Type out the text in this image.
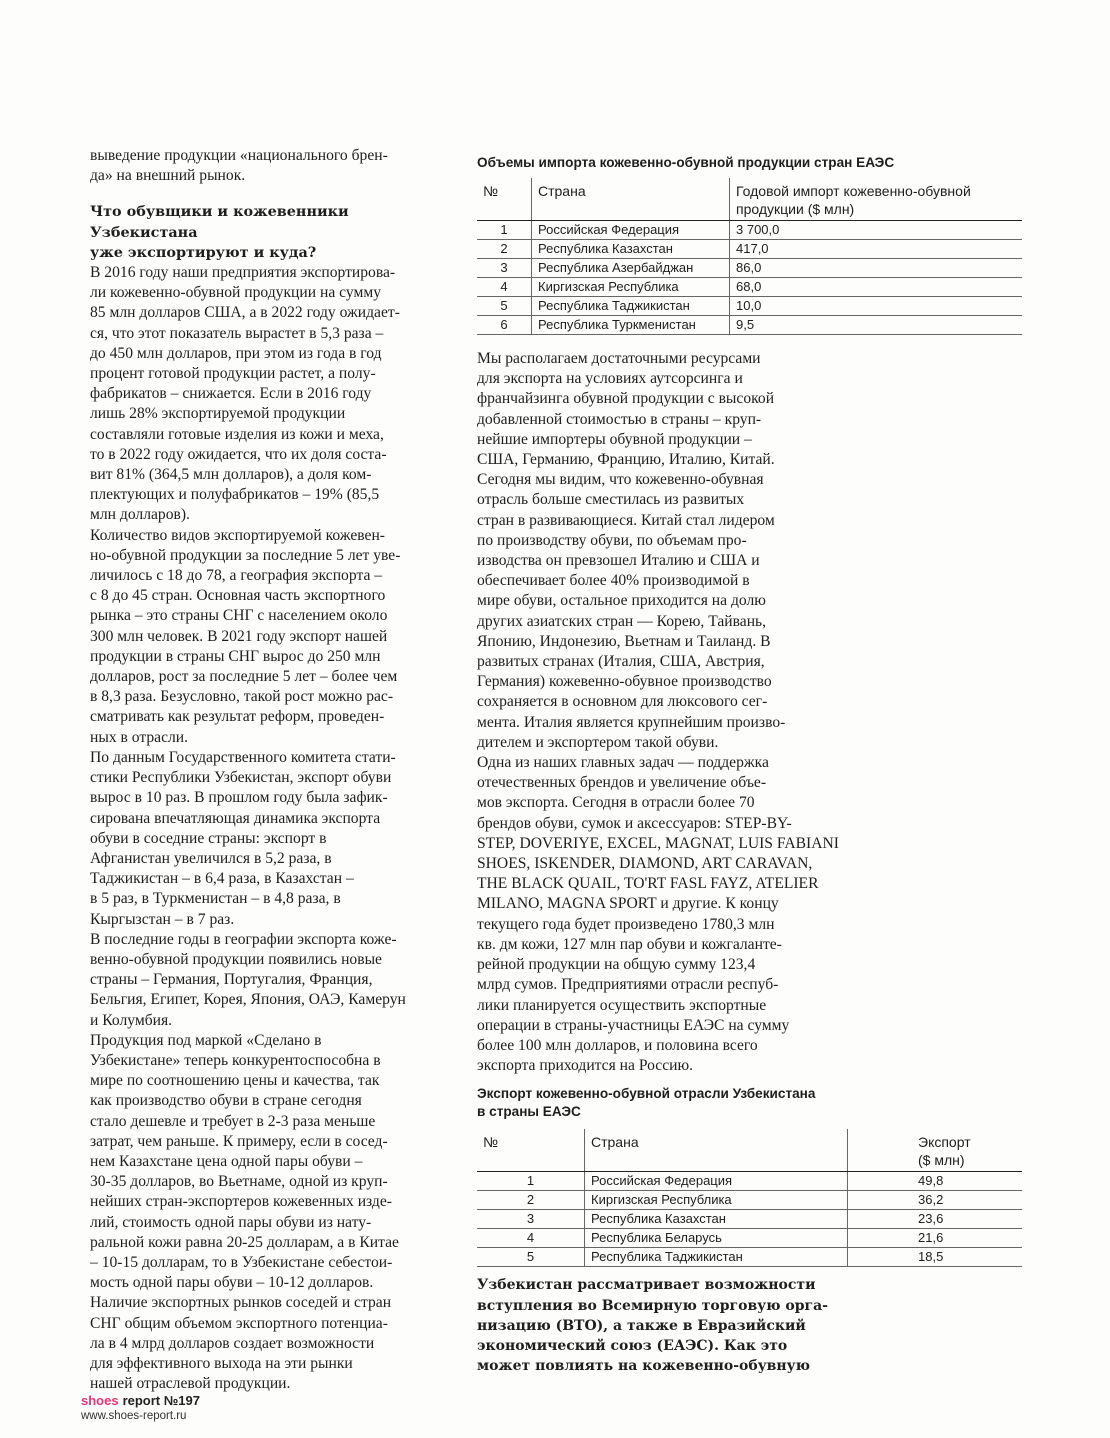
выведение продукции «национального брен-
да» на внешний рынок.

Что обувщики и кожевенники Узбекистана
уже экспортируют и куда?

В 2016 году наши предприятия экспортирова-
ли кожевенно-обувной продукции на сумму
85 млн долларов США, а в 2022 году ожидает-
ся, что этот показатель вырастет в 5,3 раза –
до 450 млн долларов, при этом из года в год
процент готовой продукции растет, а полу-
фабрикатов – снижается. Если в 2016 году
лишь 28% экспортируемой продукции
составляли готовые изделия из кожи и меха,
то в 2022 году ожидается, что их доля соста-
вит 81% (364,5 млн долларов), а доля ком-
плектующих и полуфабрикатов – 19% (85,5
млн долларов).

Количество видов экспортируемой кожевен-
но-обувной продукции за последние 5 лет уве-
личилось с 18 до 78, а география экспорта –
с 8 до 45 стран. Основная часть экспортного
рынка – это страны СНГ с населением около
300 млн человек. В 2021 году экспорт нашей
продукции в страны СНГ вырос до 250 млн
долларов, рост за последние 5 лет – более чем
в 8,3 раза. Безусловно, такой рост можно рас-
сматривать как результат реформ, проведен-
ных в отрасли.

По данным Государственного комитета стати-
стики Республики Узбекистан, экспорт обуви
вырос в 10 раз. В прошлом году была зафик-
сирована впечатляющая динамика экспорта
обуви в соседние страны: экспорт в
Афганистан увеличился в 5,2 раза, в
Таджикистан – в 6,4 раза, в Казахстан –
в 5 раз, в Туркменистан – в 4,8 раза, в
Кыргызстан – в 7 раз.

В последние годы в географии экспорта коже-
венно-обувной продукции появились новые
страны – Германия, Португалия, Франция,
Бельгия, Египет, Корея, Япония, ОАЭ, Камерун
и Колумбия.

Продукция под маркой «Сделано в
Узбекистане» теперь конкурентоспособна в
мире по соотношению цены и качества, так
как производство обуви в стране сегодня
стало дешевле и требует в 2-3 раза меньше
затрат, чем раньше. К примеру, если в сосед-
нем Казахстане цена одной пары обуви –
30-35 долларов, во Вьетнаме, одной из круп-
нейших стран-экспортеров кожевенных изде-
лий, стоимость одной пары обуви из нату-
ральной кожи равна 20-25 долларам, а в Китае
– 10-15 долларам, то в Узбекистане себестои-
мость одной пары обуви – 10-12 долларов.

Наличие экспортных рынков соседей и стран
СНГ общим объемом экспортного потенциа-
ла в 4 млрд долларов создает возможности
для эффективного выхода на эти рынки
нашей отраслевой продукции.

Объемы импорта кожевенно-обувной продукции стран ЕАЭС

№	Страна	Годовой импорт кожевенно-обувной
продукции ($ млн)
1	Российская Федерация	3 700,0
2	Республика Казахстан	417,0
3	Республика Азербайджан	86,0
4	Киргизская Республика	68,0
5	Республика Таджикистан	10,0
6	Республика Туркменистан	9,5

Мы располагаем достаточными ресурсами
для экспорта на условиях аутсорсинга и
франчайзинга обувной продукции с высокой
добавленной стоимостью в страны – круп-
нейшие импортеры обувной продукции –
США, Германию, Францию, Италию, Китай.
Сегодня мы видим, что кожевенно-обувная
отрасль больше сместилась из развитых
стран в развивающиеся. Китай стал лидером
по производству обуви, по объемам про-
изводства он превзошел Италию и США и
обеспечивает более 40% производимой в
мире обуви, остальное приходится на долю
других азиатских стран — Корею, Тайвань,
Японию, Индонезию, Вьетнам и Таиланд. В
развитых странах (Италия, США, Австрия,
Германия) кожевенно-обувное производство
сохраняется в основном для люксового сег-
мента. Италия является крупнейшим произво-
дителем и экспортером такой обуви.

Одна из наших главных задач — поддержка
отечественных брендов и увеличение объе-
мов экспорта. Сегодня в отрасли более 70
брендов обуви, сумок и аксессуаров: STEP-BY-
STEP, DOVERIYE, EXCEL, MAGNAT, LUIS FABIANI
SHOES, ISKENDER, DIAMOND, ART CARAVAN,
THE BLACK QUAIL, TO'RT FASL FAYZ, ATELIER
MILANO, MAGNA SPORT и другие. К концу
текущего года будет произведено 1780,3 млн
кв. дм кожи, 127 млн пар обуви и кожгаланте-
рейной продукции на общую сумму 123,4
млрд сумов. Предприятиями отрасли респуб-
лики планируется осуществить экспортные
операции в страны-участницы ЕАЭС на сумму
более 100 млн долларов, и половина всего
экспорта приходится на Россию.

Экспорт кожевенно-обувной отрасли Узбекистана
в страны ЕАЭС

№	Страна	Экспорт
($ млн)
1	Российская Федерация	49,8
2	Киргизская Республика	36,2
3	Республика Казахстан	23,6
4	Республика Беларусь	21,6
5	Республика Таджикистан	18,5

Узбекистан рассматривает возможности
вступления во Всемирную торговую орга-
низацию (ВТО), а также в Евразийский
экономический союз (ЕАЭС). Как это
может повлиять на кожевенно-обувную

shoes report №197
www.shoes-report.ru
